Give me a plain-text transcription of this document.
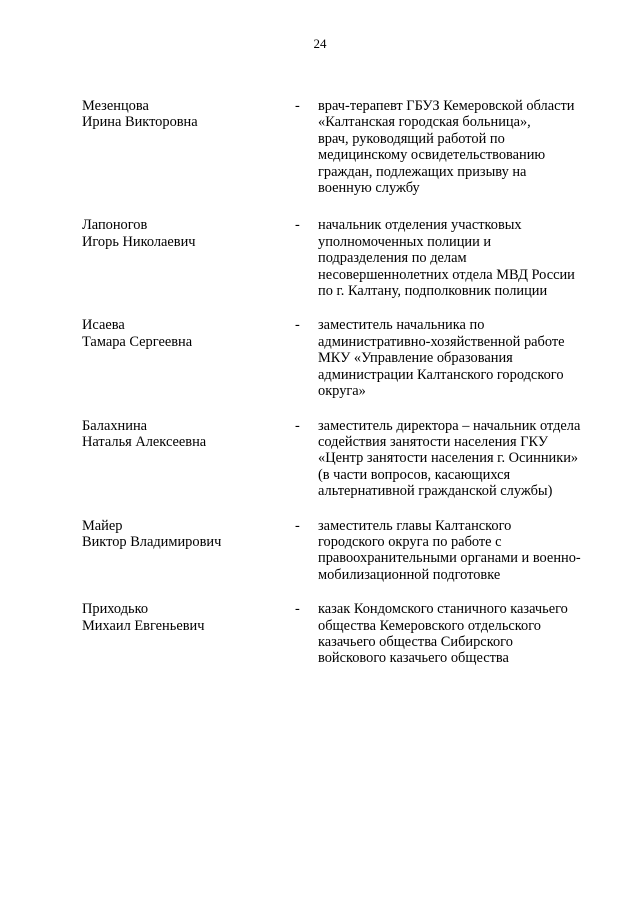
24
Мезенцова
Ирина Викторовна
- врач-терапевт ГБУЗ Кемеровской области
«Калтанская городская больница»,
врач, руководящий работой по
медицинскому освидетельствованию
граждан, подлежащих призыву на
военную службу
Лапоногов
Игорь Николаевич
- начальник отделения участковых
уполномоченных полиции и
подразделения по делам
несовершеннолетних отдела МВД России
по г. Калтану, подполковник полиции
Исаева
Тамара Сергеевна
- заместитель начальника по
административно-хозяйственной работе
МКУ «Управление образования
администрации Калтанского городского
округа»
Балахнина
Наталья Алексеевна
- заместитель директора – начальник отдела
содействия занятости населения ГКУ
«Центр занятости населения г. Осинники»
(в части вопросов, касающихся
альтернативной гражданской службы)
Майер
Виктор Владимирович
- заместитель главы Калтанского
городского округа по работе с
правоохранительными органами и военно-
мобилизационной подготовке
Приходько
Михаил Евгеньевич
- казак Кондомского станичного казачьего
общества Кемеровского отдельского
казачьего общества Сибирского
войскового казачьего общества
